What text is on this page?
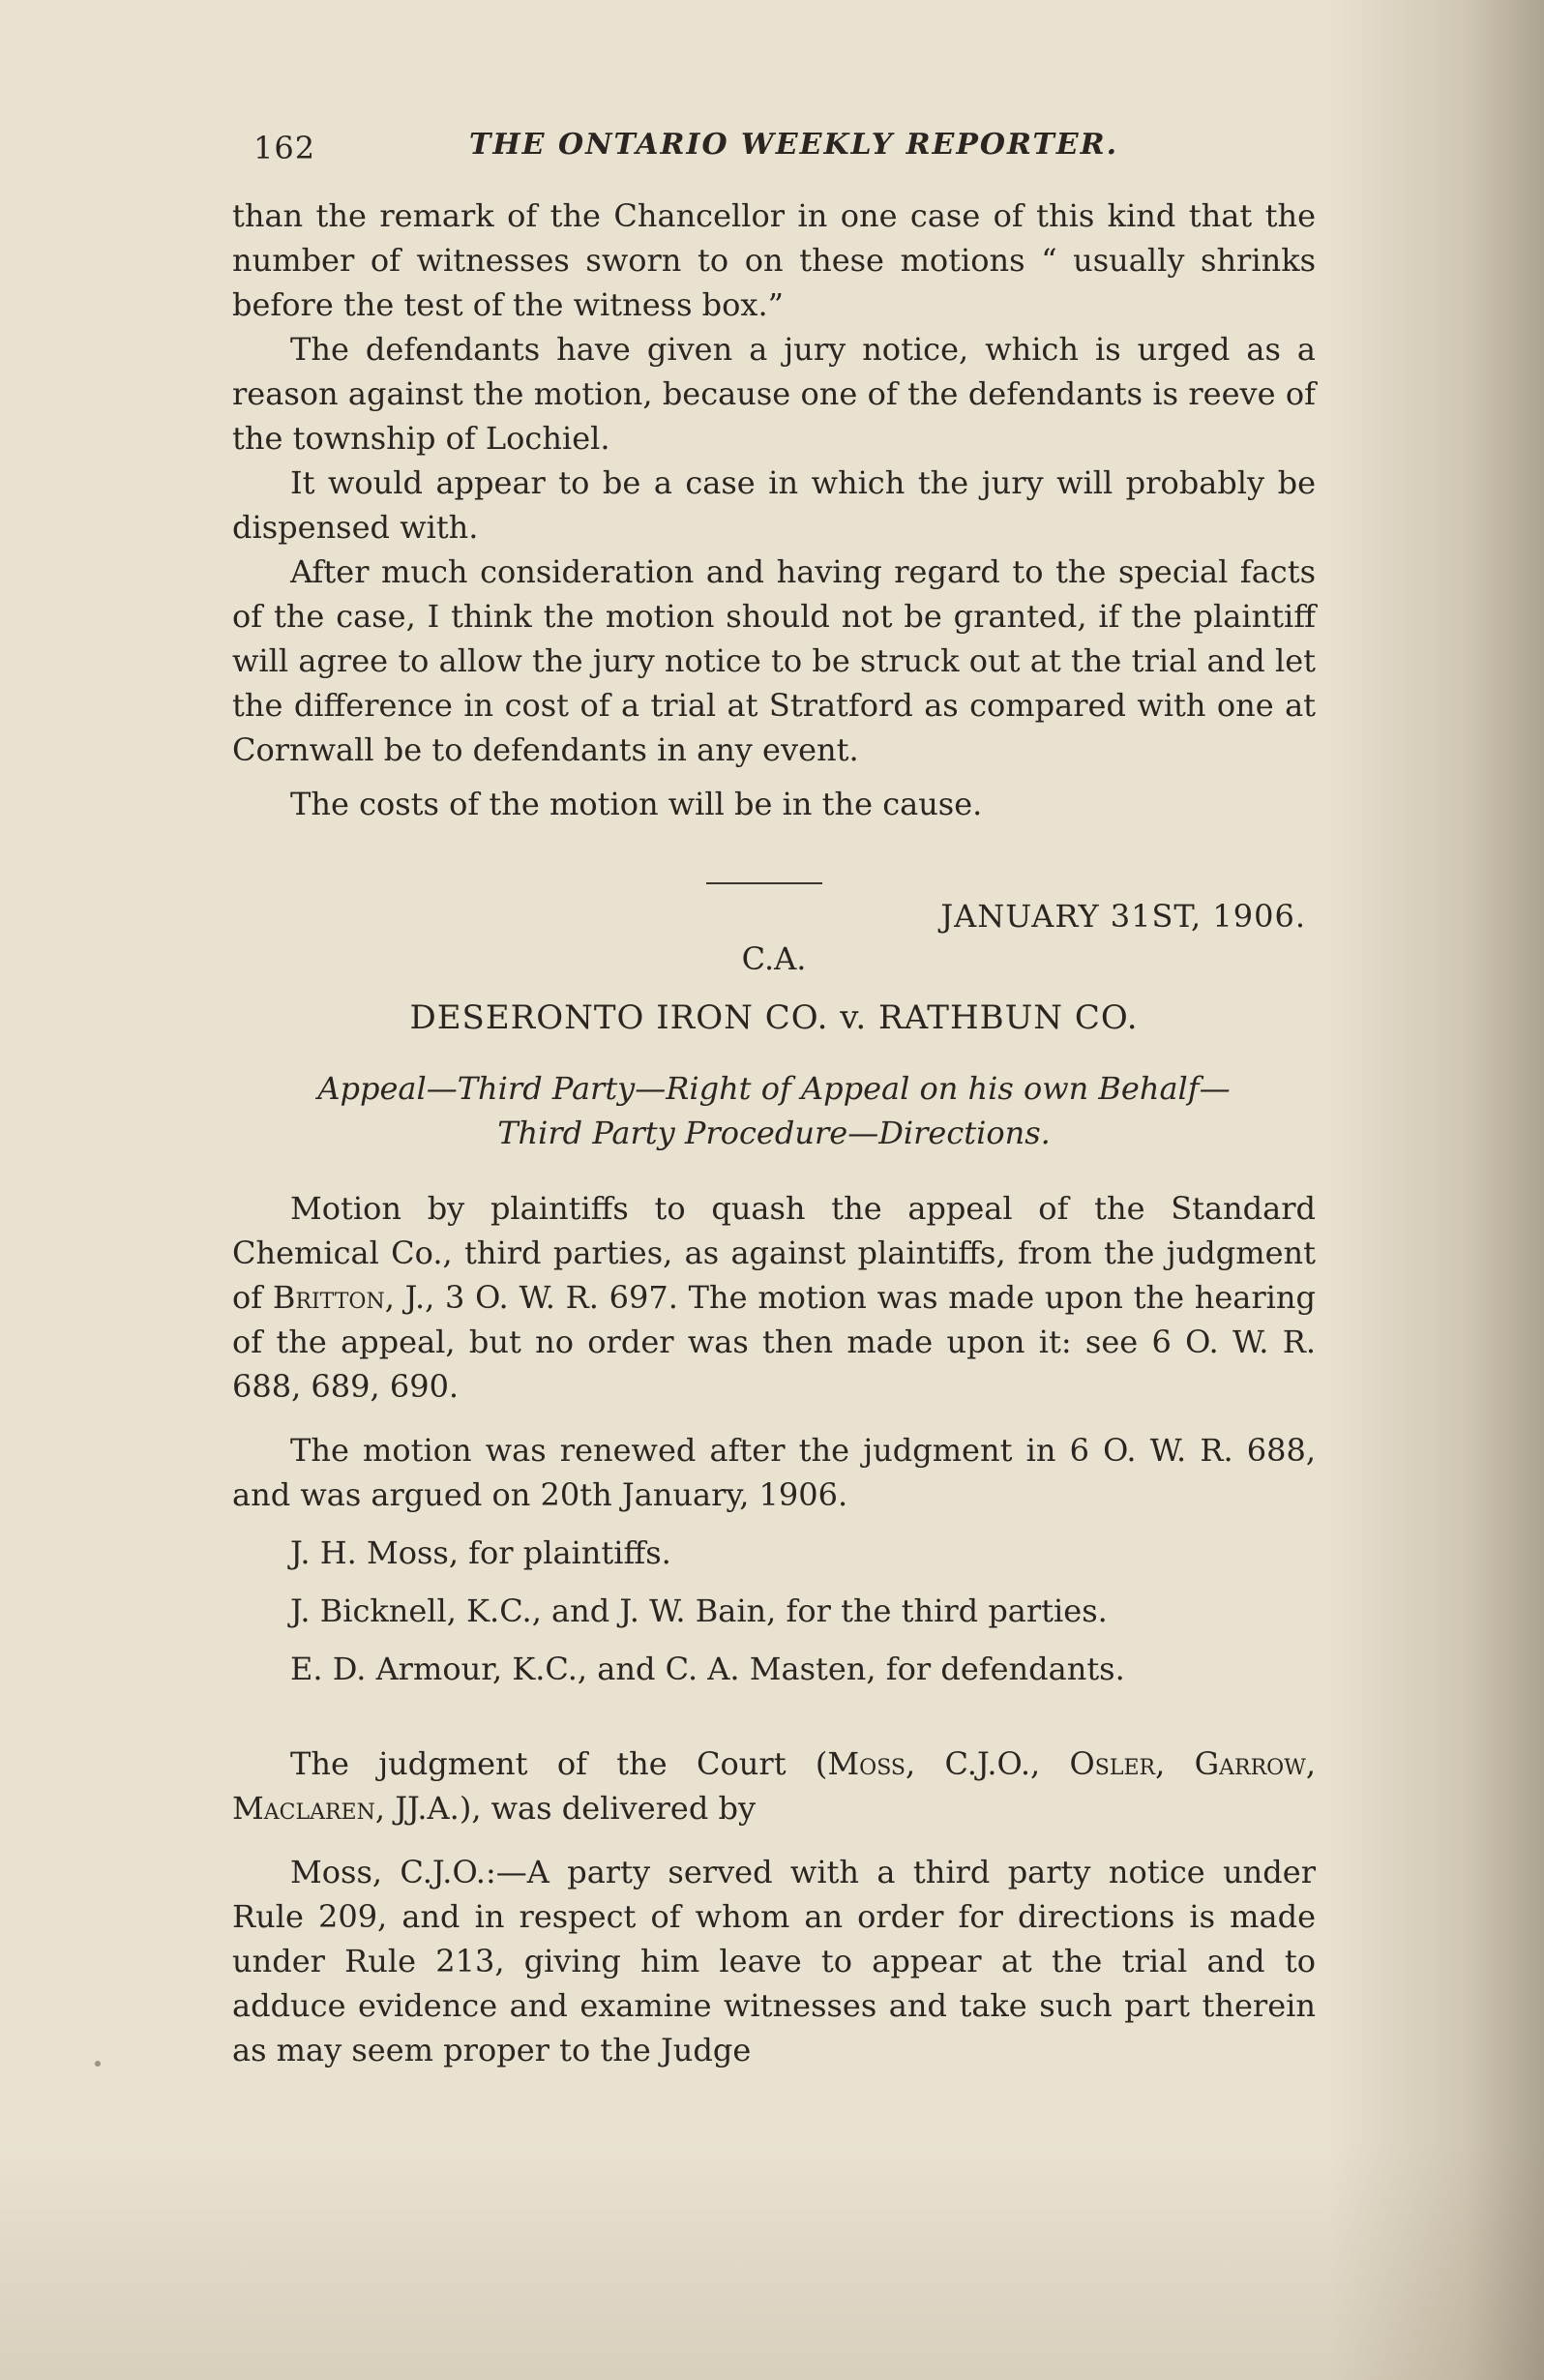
162	THE ONTARIO WEEKLY REPORTER.

than the remark of the Chancellor in one case of this kind that the number of witnesses sworn to on these motions “ usually shrinks before the test of the witness box.”

The defendants have given a jury notice, which is urged as a reason against the motion, because one of the defendants is reeve of the township of Lochiel.

It would appear to be a case in which the jury will probably be dispensed with.

After much consideration and having regard to the special facts of the case, I think the motion should not be granted, if the plaintiff will agree to allow the jury notice to be struck out at the trial and let the difference in cost of a trial at Stratford as compared with one at Cornwall be to defendants in any event.

The costs of the motion will be in the cause.

JANUARY 31ST, 1906.
C.A.
DESERONTO IRON CO. v. RATHBUN CO.
Appeal—Third Party—Right of Appeal on his own Behalf—
Third Party Procedure—Directions.

Motion by plaintiffs to quash the appeal of the Standard Chemical Co., third parties, as against plaintiffs, from the judgment of Britton, J., 3 O. W. R. 697. The motion was made upon the hearing of the appeal, but no order was then made upon it: see 6 O. W. R. 688, 689, 690.

The motion was renewed after the judgment in 6 O. W. R. 688, and was argued on 20th January, 1906.

J. H. Moss, for plaintiffs.

J. Bicknell, K.C., and J. W. Bain, for the third parties.

E. D. Armour, K.C., and C. A. Masten, for defendants.

The judgment of the Court (Moss, C.J.O., Osler, Garrow, Maclaren, JJ.A.), was delivered by

Moss, C.J.O.:—A party served with a third party notice under Rule 209, and in respect of whom an order for directions is made under Rule 213, giving him leave to appear at the trial and to adduce evidence and examine witnesses and take such part therein as may seem proper to the Judge
